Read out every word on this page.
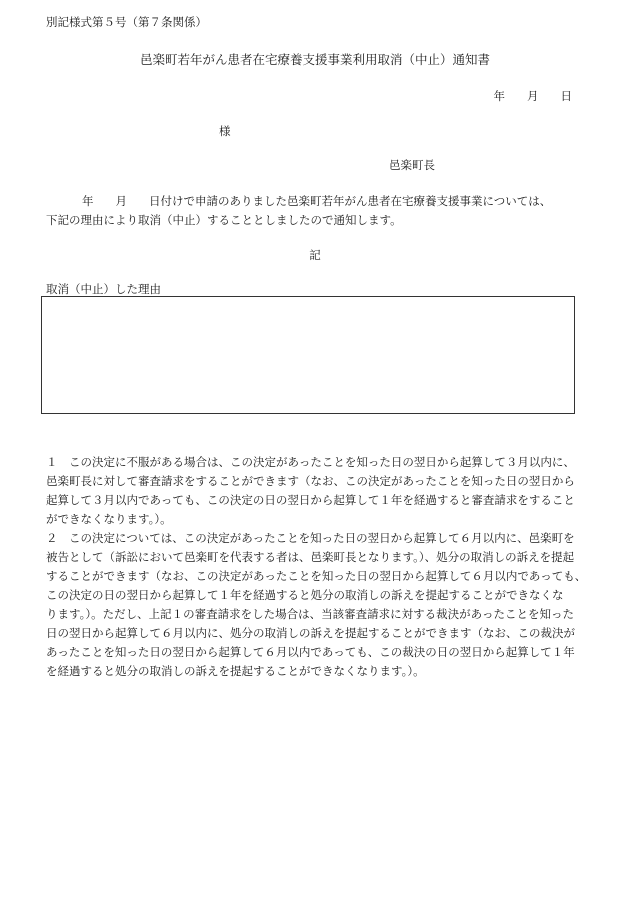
別記様式第５号（第７条関係）
邑楽町若年がん患者在宅療養支援事業利用取消（中止）通知書
年 月 日
様
邑楽町長
年 月 日付けで申請のありました邑楽町若年がん患者在宅療養支援事業については、
下記の理由により取消（中止）することとしましたので通知します。
記
取消（中止）した理由
１　この決定に不服がある場合は、この決定があったことを知った日の翌日から起算して３月以内に、
邑楽町長に対して審査請求をすることができます（なお、この決定があったことを知った日の翌日から
起算して３月以内であっても、この決定の日の翌日から起算して１年を経過すると審査請求をすること
ができなくなります。）。
２　この決定については、この決定があったことを知った日の翌日から起算して６月以内に、邑楽町を
被告として（訴訟において邑楽町を代表する者は、邑楽町長となります。）、処分の取消しの訴えを提起
することができます（なお、この決定があったことを知った日の翌日から起算して６月以内であっても、
この決定の日の翌日から起算して１年を経過すると処分の取消しの訴えを提起することができなくな
ります。）。ただし、上記１の審査請求をした場合は、当該審査請求に対する裁決があったことを知った
日の翌日から起算して６月以内に、処分の取消しの訴えを提起することができます（なお、この裁決が
あったことを知った日の翌日から起算して６月以内であっても、この裁決の日の翌日から起算して１年
を経過すると処分の取消しの訴えを提起することができなくなります。）。
